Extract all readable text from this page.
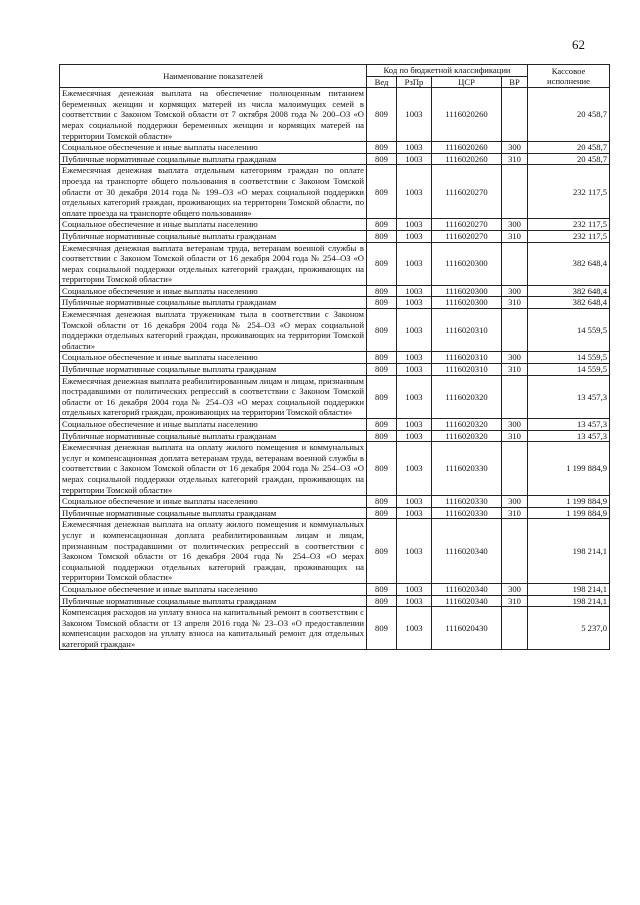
62
Наименование показателей	Код по бюджетной классификации				Кассовое исполнение
	Вед	РзПр	ЦСР	ВР	
Ежемесячная денежная выплата на обеспечение полноценным питанием беременных женщин и кормящих матерей из числа малоимущих семей в соответствии с Законом Томской области от 7 октября 2008 года № 200–ОЗ «О мерах социальной поддержки беременных женщин и кормящих матерей на территории Томской области»	809	1003	1116020260		20 458,7
Социальное обеспечение и иные выплаты населению	809	1003	1116020260	300	20 458,7
Публичные нормативные социальные выплаты гражданам	809	1003	1116020260	310	20 458,7
Ежемесячная денежная выплата отдельным категориям граждан по оплате проезда на транспорте общего пользования в соответствии с Законом Томской области от 30 декабря 2014 года № 199–ОЗ «О мерах социальной поддержки отдельных категорий граждан, проживающих на территории Томской области, по оплате проезда на транспорте общего пользования»	809	1003	1116020270		232 117,5
Социальное обеспечение и иные выплаты населению	809	1003	1116020270	300	232 117,5
Публичные нормативные социальные выплаты гражданам	809	1003	1116020270	310	232 117,5
Ежемесячная денежная выплата ветеранам труда, ветеранам военной службы в соответствии с Законом Томской области от 16 декабря 2004 года № 254–ОЗ «О мерах социальной поддержки отдельных категорий граждан, проживающих на территории Томской области»	809	1003	1116020300		382 648,4
Социальное обеспечение и иные выплаты населению	809	1003	1116020300	300	382 648,4
Публичные нормативные социальные выплаты гражданам	809	1003	1116020300	310	382 648,4
Ежемесячная денежная выплата труженикам тыла в соответствии с Законом Томской области от 16 декабря 2004 года № 254–ОЗ «О мерах социальной поддержки отдельных категорий граждан, проживающих на территории Томской области»	809	1003	1116020310		14 559,5
Социальное обеспечение и иные выплаты населению	809	1003	1116020310	300	14 559,5
Публичные нормативные социальные выплаты гражданам	809	1003	1116020310	310	14 559,5
Ежемесячная денежная выплата реабилитированным лицам и лицам, признанным пострадавшими от политических репрессий в соответствии с Законом Томской области от 16 декабря 2004 года № 254–ОЗ «О мерах социальной поддержки отдельных категорий граждан, проживающих на территории Томской области»	809	1003	1116020320		13 457,3
Социальное обеспечение и иные выплаты населению	809	1003	1116020320	300	13 457,3
Публичные нормативные социальные выплаты гражданам	809	1003	1116020320	310	13 457,3
Ежемесячная денежная выплата на оплату жилого помещения и коммунальных услуг и компенсационная доплата ветеранам труда, ветеранам военной службы в соответствии с Законом Томской области от 16 декабря 2004 года № 254–ОЗ «О мерах социальной поддержки отдельных категорий граждан, проживающих на территории Томской области»	809	1003	1116020330		1 199 884,9
Социальное обеспечение и иные выплаты населению	809	1003	1116020330	300	1 199 884,9
Публичные нормативные социальные выплаты гражданам	809	1003	1116020330	310	1 199 884,9
Ежемесячная денежная выплата на оплату жилого помещения и коммунальных услуг и компенсационная доплата реабилитированным лицам и лицам, признанным пострадавшими от политических репрессий в соответствии с Законом Томской области от 16 декабря 2004 года № 254–ОЗ «О мерах социальной поддержки отдельных категорий граждан, проживающих на территории Томской области»	809	1003	1116020340		198 214,1
Социальное обеспечение и иные выплаты населению	809	1003	1116020340	300	198 214,1
Публичные нормативные социальные выплаты гражданам	809	1003	1116020340	310	198 214,1
Компенсация расходов на уплату взноса на капитальный ремонт в соответствии с Законом Томской области от 13 апреля 2016 года № 23–ОЗ «О предоставлении компенсации расходов на уплату взноса на капитальный ремонт для отдельных категорий граждан»	809	1003	1116020430		5 237,0
